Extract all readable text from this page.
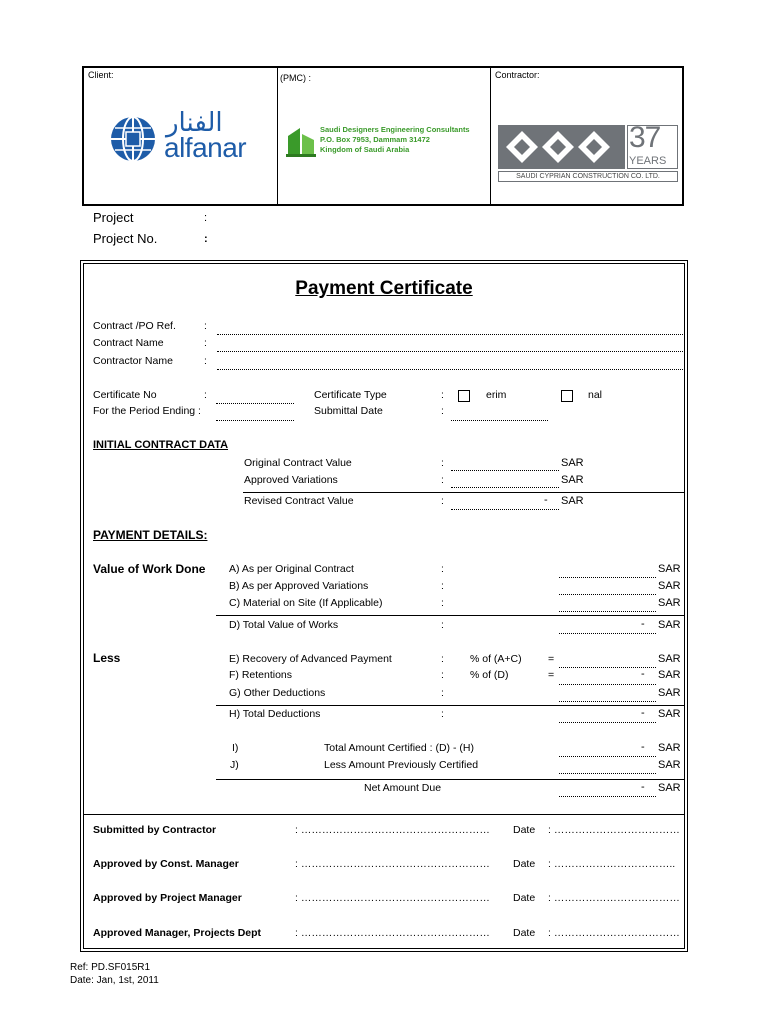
Client:	(PMC) :	Contractor:
الفنار
alfanar
Saudi Designers Engineering Consultants
P.O. Box 7953, Dammam 31472
Kingdom of Saudi Arabia	37
YEARS
SAUDI CYPRIAN CONSTRUCTION CO. LTD.
Project	:
Project No.	:
Payment Certificate
Contract /PO Ref.	:
Contract Name	:
Contractor Name	:
Certificate No	:
For the Period Ending :
Certificate Type	:	erim	nal
Submittal Date	:
INITIAL CONTRACT DATA
Original Contract Value	:	SAR
Approved Variations	:	SAR
Revised Contract Value	:	- SAR
PAYMENT DETAILS:
Value of Work Done A) As per Original Contract	:	SAR
B) As per Approved Variations	:	SAR
C) Material on Site (If Applicable)	:	SAR
D) Total Value of Works	:	- SAR
Less	E) Recovery of Advanced Payment	: % of (A+C)	=	SAR
F) Retentions	: % of (D)	=	- SAR
G) Other Deductions	:	SAR
H) Total Deductions	:	- SAR
I)	Total Amount Certified : (D) - (H)	- SAR
J)	Less Amount Previously Certified	SAR
Net Amount Due	- SAR
Submitted by Contractor	: ……………………………………………… Date : ………………………………
Approved by Const. Manager	: ……………………………………………… Date : ……………………………..
Approved by Project Manager	: ……………………………………………… Date : ………………………………
Approved Manager, Projects Dept	: ……………………………………………… Date : ………………………………
Ref: PD.SF015R1
Date: Jan, 1st, 2011
